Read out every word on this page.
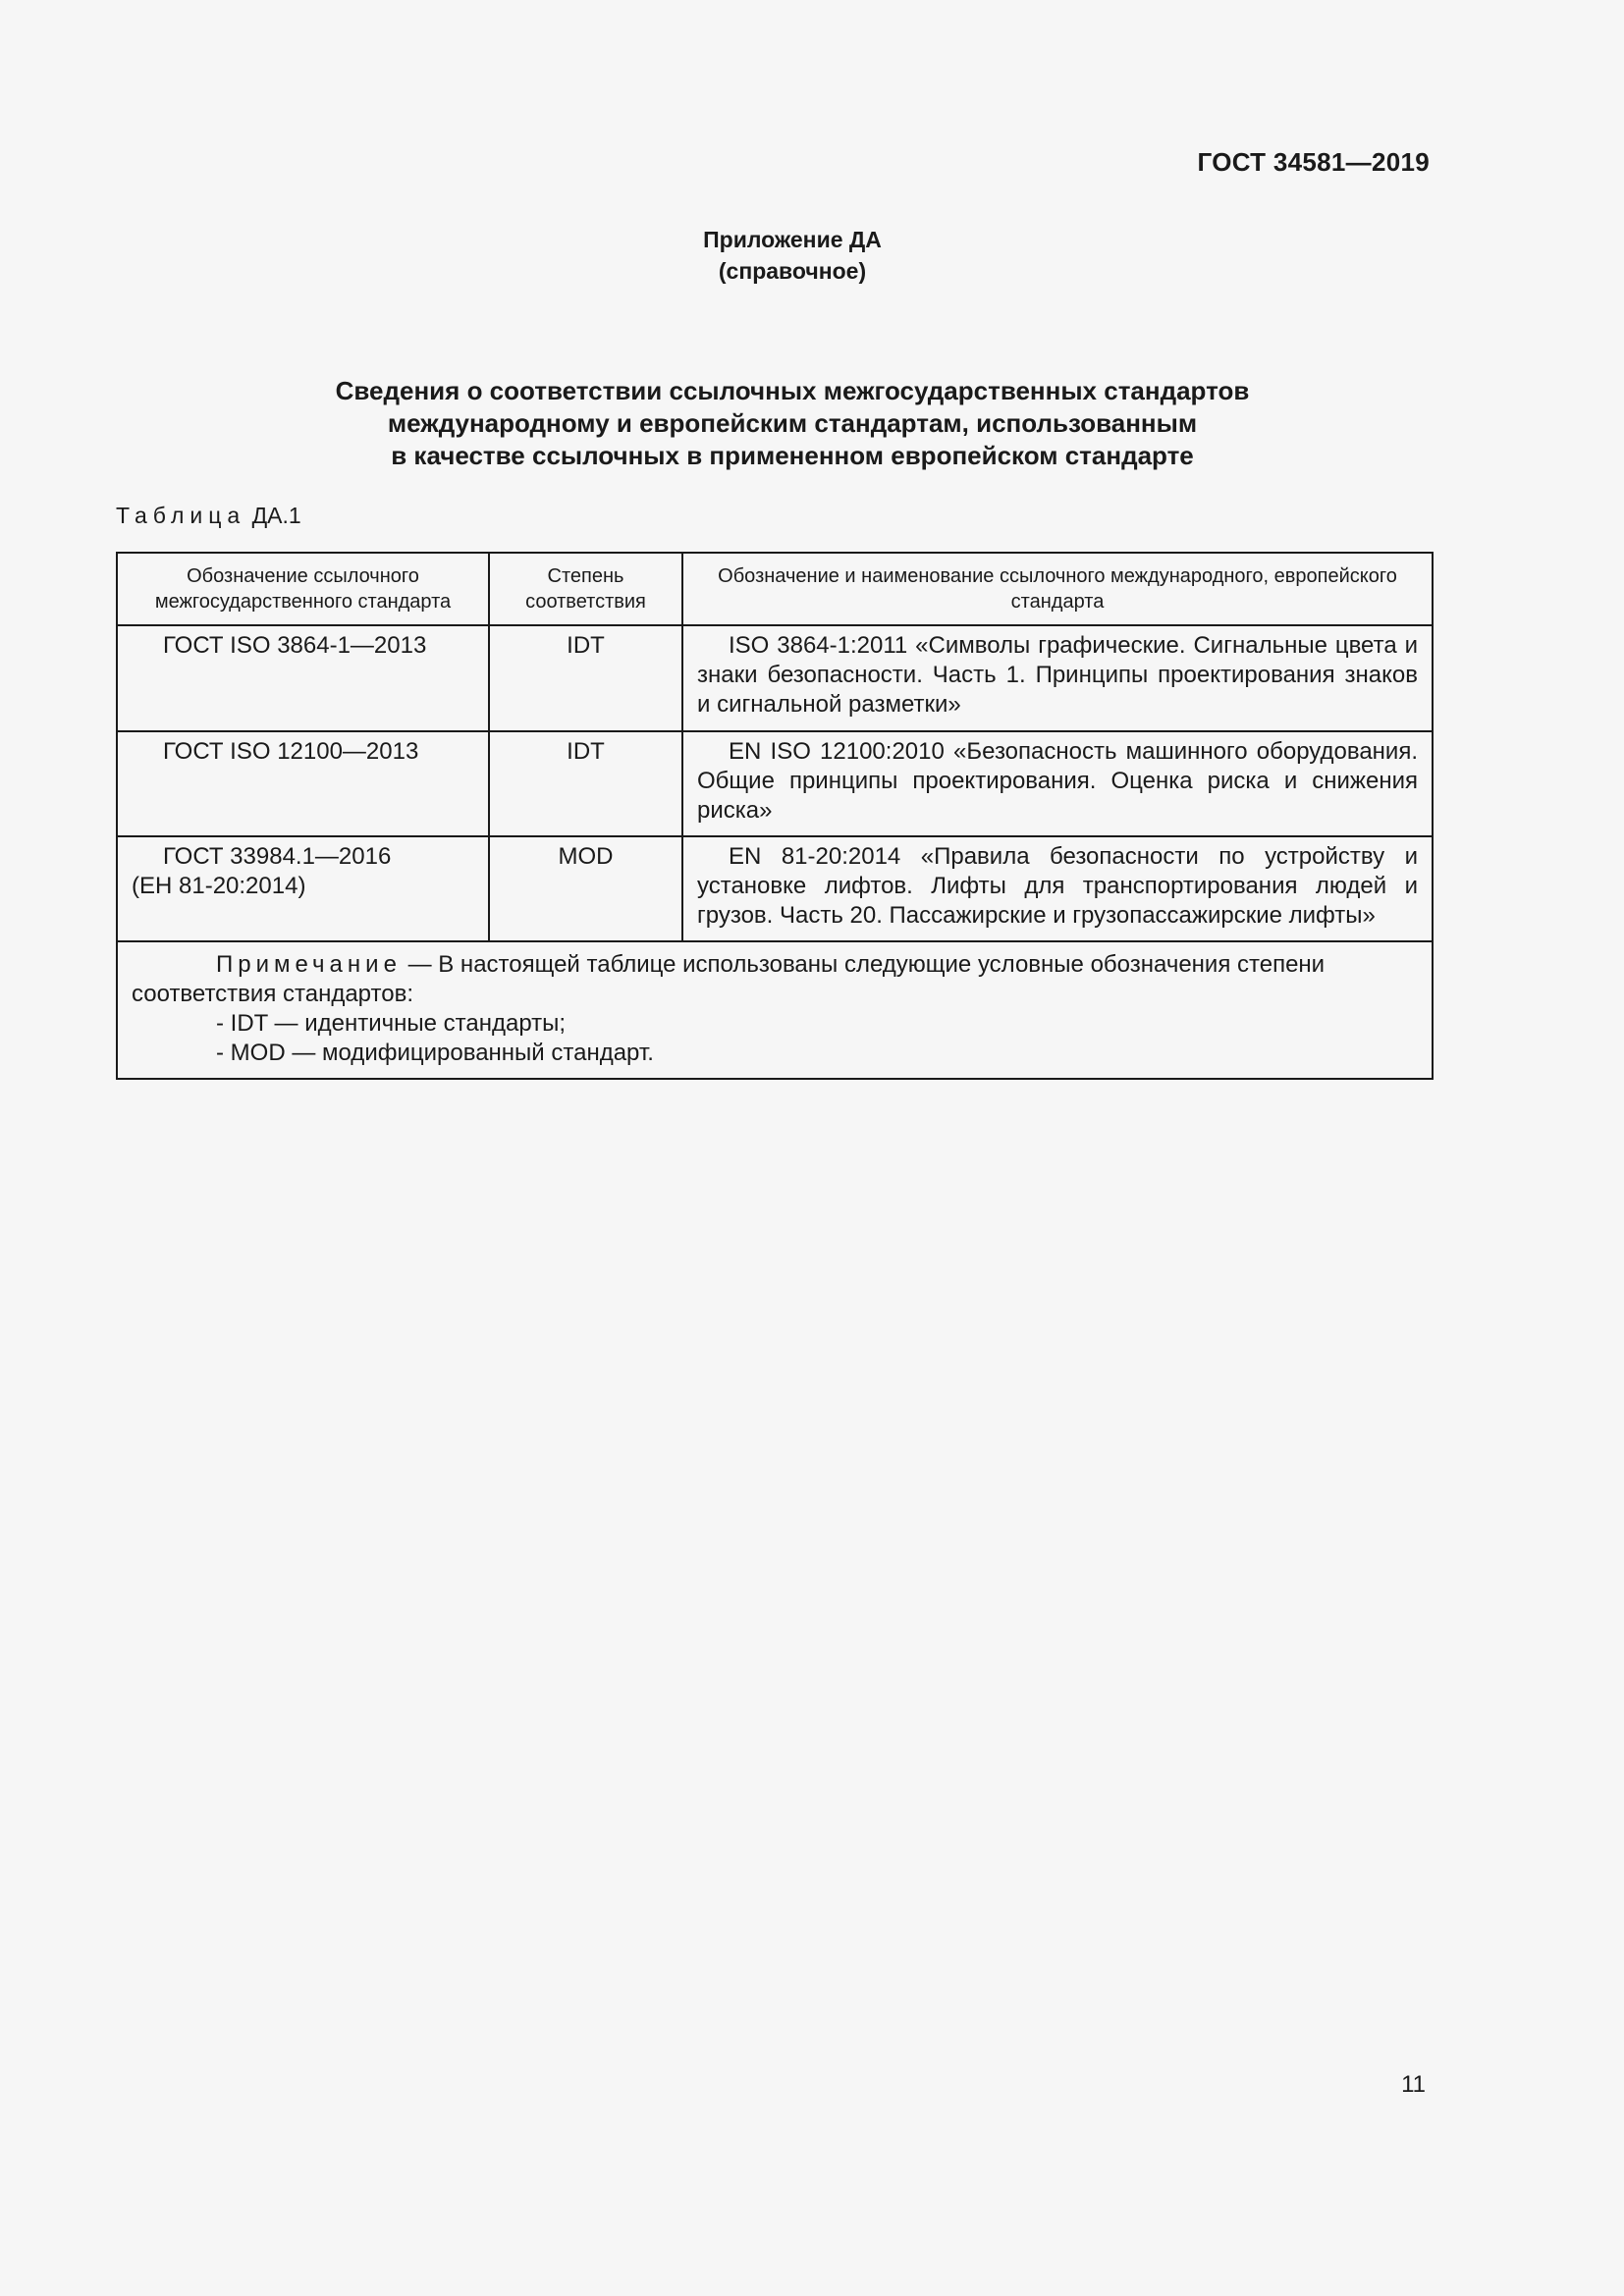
ГОСТ 34581—2019
Приложение ДА
(справочное)
Сведения о соответствии ссылочных межгосударственных стандартов
международному и европейским стандартам, использованным
в качестве ссылочных в примененном европейском стандарте
Таблица ДА.1
Обозначение ссылочного межгосударственного стандарта	Степень соответствия	Обозначение и наименование ссылочного международного, европейского стандарта

ГОСТ ISO 3864-1—2013	IDT	ISO 3864-1:2011 «Символы графические. Сигнальные цвета и знаки безопасности. Часть 1. Принципы проектирования знаков и сигнальной разметки»

ГОСТ ISO 12100—2013	IDT	EN ISO 12100:2010 «Безопасность машинного оборудования. Общие принципы проектирования. Оценка риска и снижения риска»

ГОСТ 33984.1—2016
(ЕН 81-20:2014)	MOD	EN 81-20:2014 «Правила безопасности по устройству и установке лифтов. Лифты для транспортирования людей и грузов. Часть 20. Пассажирские и грузопассажирские лифты»

Примечание — В настоящей таблице использованы следующие условные обозначения степени соответствия стандартов:
- IDT — идентичные стандарты;
- MOD — модифицированный стандарт.		
11
